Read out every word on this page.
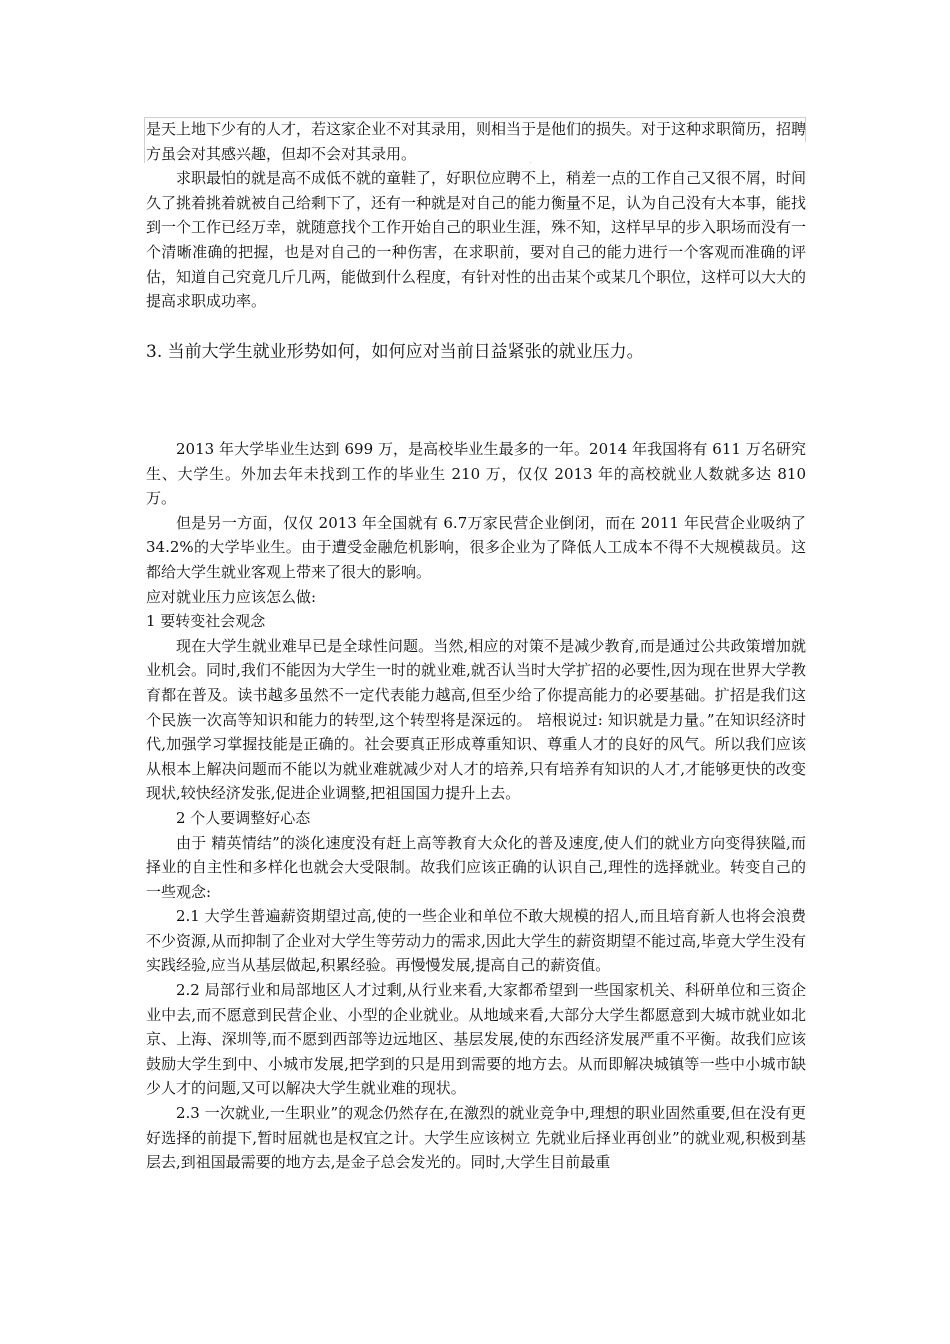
是天上地下少有的人才，若这家企业不对其录用，则相当于是他们的损失。对于这种求职简历，招聘方虽会对其感兴趣，但却不会对其录用。

求职最怕的就是高不成低不就的童鞋了，好职位应聘不上，稍差一点的工作自己又很不屑，时间久了挑着挑着就被自己给剩下了，还有一种就是对自己的能力衡量不足，认为自己没有大本事，能找到一个工作已经万幸，就随意找个工作开始自己的职业生涯，殊不知，这样早早的步入职场而没有一个清晰准确的把握，也是对自己的一种伤害，在求职前，要对自己的能力进行一个客观而准确的评估，知道自己究竟几斤几两，能做到什么程度，有针对性的出击某个或某几个职位，这样可以大大的提高求职成功率。

3. 当前大学生就业形势如何，如何应对当前日益紧张的就业压力。

2013 年大学毕业生达到 699 万，是高校毕业生最多的一年。2014 年我国将有 611 万名研究生、大学生。外加去年未找到工作的毕业生 210 万，仅仅 2013 年的高校就业人数就多达 810 万。

但是另一方面，仅仅 2013 年全国就有 6.7万家民营企业倒闭，而在 2011 年民营企业吸纳了 34.2%的大学毕业生。由于遭受金融危机影响，很多企业为了降低人工成本不得不大规模裁员。这都给大学生就业客观上带来了很大的影响。

应对就业压力应该怎么做:

1 要转变社会观念

现在大学生就业难早已是全球性问题。当然,相应的对策不是减少教育,而是通过公共政策增加就业机会。同时,我们不能因为大学生一时的就业难,就否认当时大学扩招的必要性,因为现在世界大学教育都在普及。读书越多虽然不一定代表能力越高,但至少给了你提高能力的必要基础。扩招是我们这个民族一次高等知识和能力的转型,这个转型将是深远的。 培根说过: 知识就是力量。”在知识经济时代,加强学习掌握技能是正确的。社会要真正形成尊重知识、尊重人才的良好的风气。所以我们应该从根本上解决问题而不能以为就业难就减少对人才的培养,只有培养有知识的人才,才能够更快的改变现状,较快经济发张,促进企业调整,把祖国国力提升上去。

2 个人要调整好心态

由于 精英情结”的淡化速度没有赶上高等教育大众化的普及速度,使人们的就业方向变得狭隘,而择业的自主性和多样化也就会大受限制。故我们应该正确的认识自己,理性的选择就业。转变自己的一些观念:

2.1 大学生普遍薪资期望过高,使的一些企业和单位不敢大规模的招人,而且培育新人也将会浪费不少资源,从而抑制了企业对大学生等劳动力的需求,因此大学生的薪资期望不能过高,毕竟大学生没有实践经验,应当从基层做起,积累经验。再慢慢发展,提高自己的薪资值。

2.2 局部行业和局部地区人才过剩,从行业来看,大家都希望到一些国家机关、科研单位和三资企业中去,而不愿意到民营企业、小型的企业就业。从地域来看,大部分大学生都愿意到大城市就业如北京、上海、深圳等,而不愿到西部等边远地区、基层发展,使的东西经济发展严重不平衡。故我们应该鼓励大学生到中、小城市发展,把学到的只是用到需要的地方去。从而即解决城镇等一些中小城市缺少人才的问题,又可以解决大学生就业难的现状。

2.3 一次就业,一生职业”的观念仍然存在,在激烈的就业竞争中,理想的职业固然重要,但在没有更好选择的前提下,暂时屈就也是权宜之计。大学生应该树立 先就业后择业再创业”的就业观,积极到基层去,到祖国最需要的地方去,是金子总会发光的。同时,大学生目前最重
